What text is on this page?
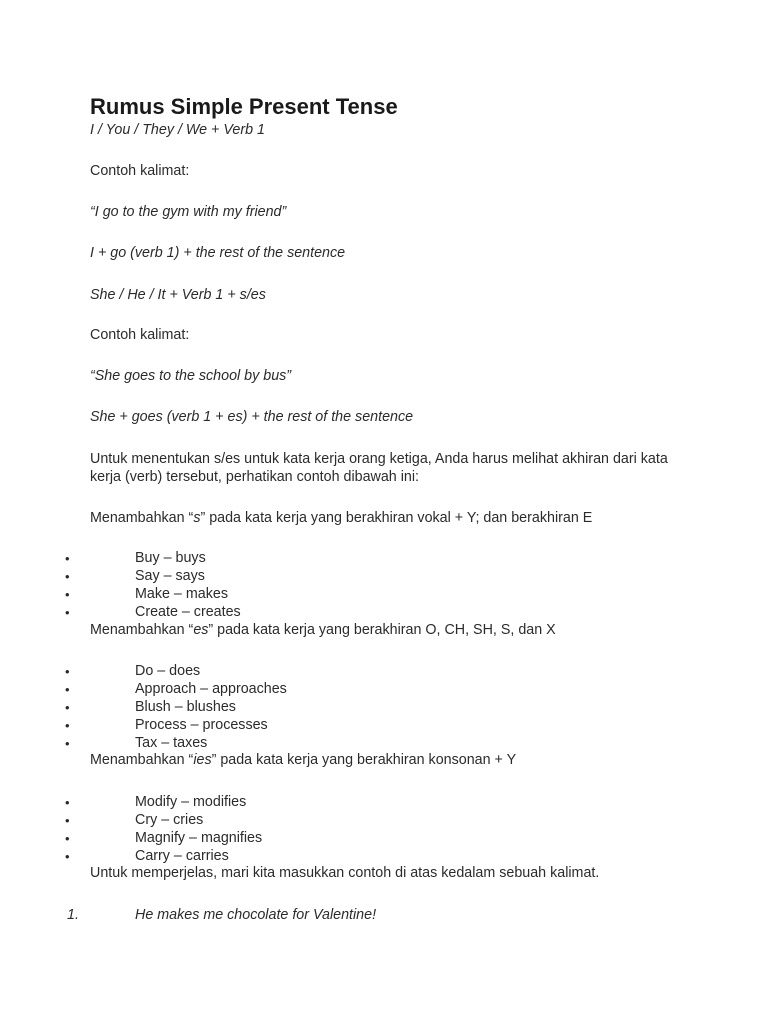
Rumus Simple Present Tense

I / You / They / We + Verb 1

Contoh kalimat:

“I go to the gym with my friend”

I + go (verb 1) + the rest of the sentence

She / He / It + Verb 1 + s/es

Contoh kalimat:

“She goes to the school by bus”

She + goes (verb 1 + es) + the rest of the sentence

Untuk menentukan s/es untuk kata kerja orang ketiga, Anda harus melihat akhiran dari kata kerja (verb) tersebut, perhatikan contoh dibawah ini:

Menambahkan “s” pada kata kerja yang berakhiran vokal + Y; dan berakhiran E

•	Buy – buys
•	Say – says
•	Make – makes
•	Create – creates

Menambahkan “es” pada kata kerja yang berakhiran O, CH, SH, S, dan X

•	Do – does
•	Approach – approaches
•	Blush – blushes
•	Process – processes
•	Tax – taxes

Menambahkan “ies” pada kata kerja yang berakhiran konsonan + Y

•	Modify – modifies
•	Cry – cries
•	Magnify – magnifies
•	Carry – carries

Untuk memperjelas, mari kita masukkan contoh di atas kedalam sebuah kalimat.

1.	He makes me chocolate for Valentine!
